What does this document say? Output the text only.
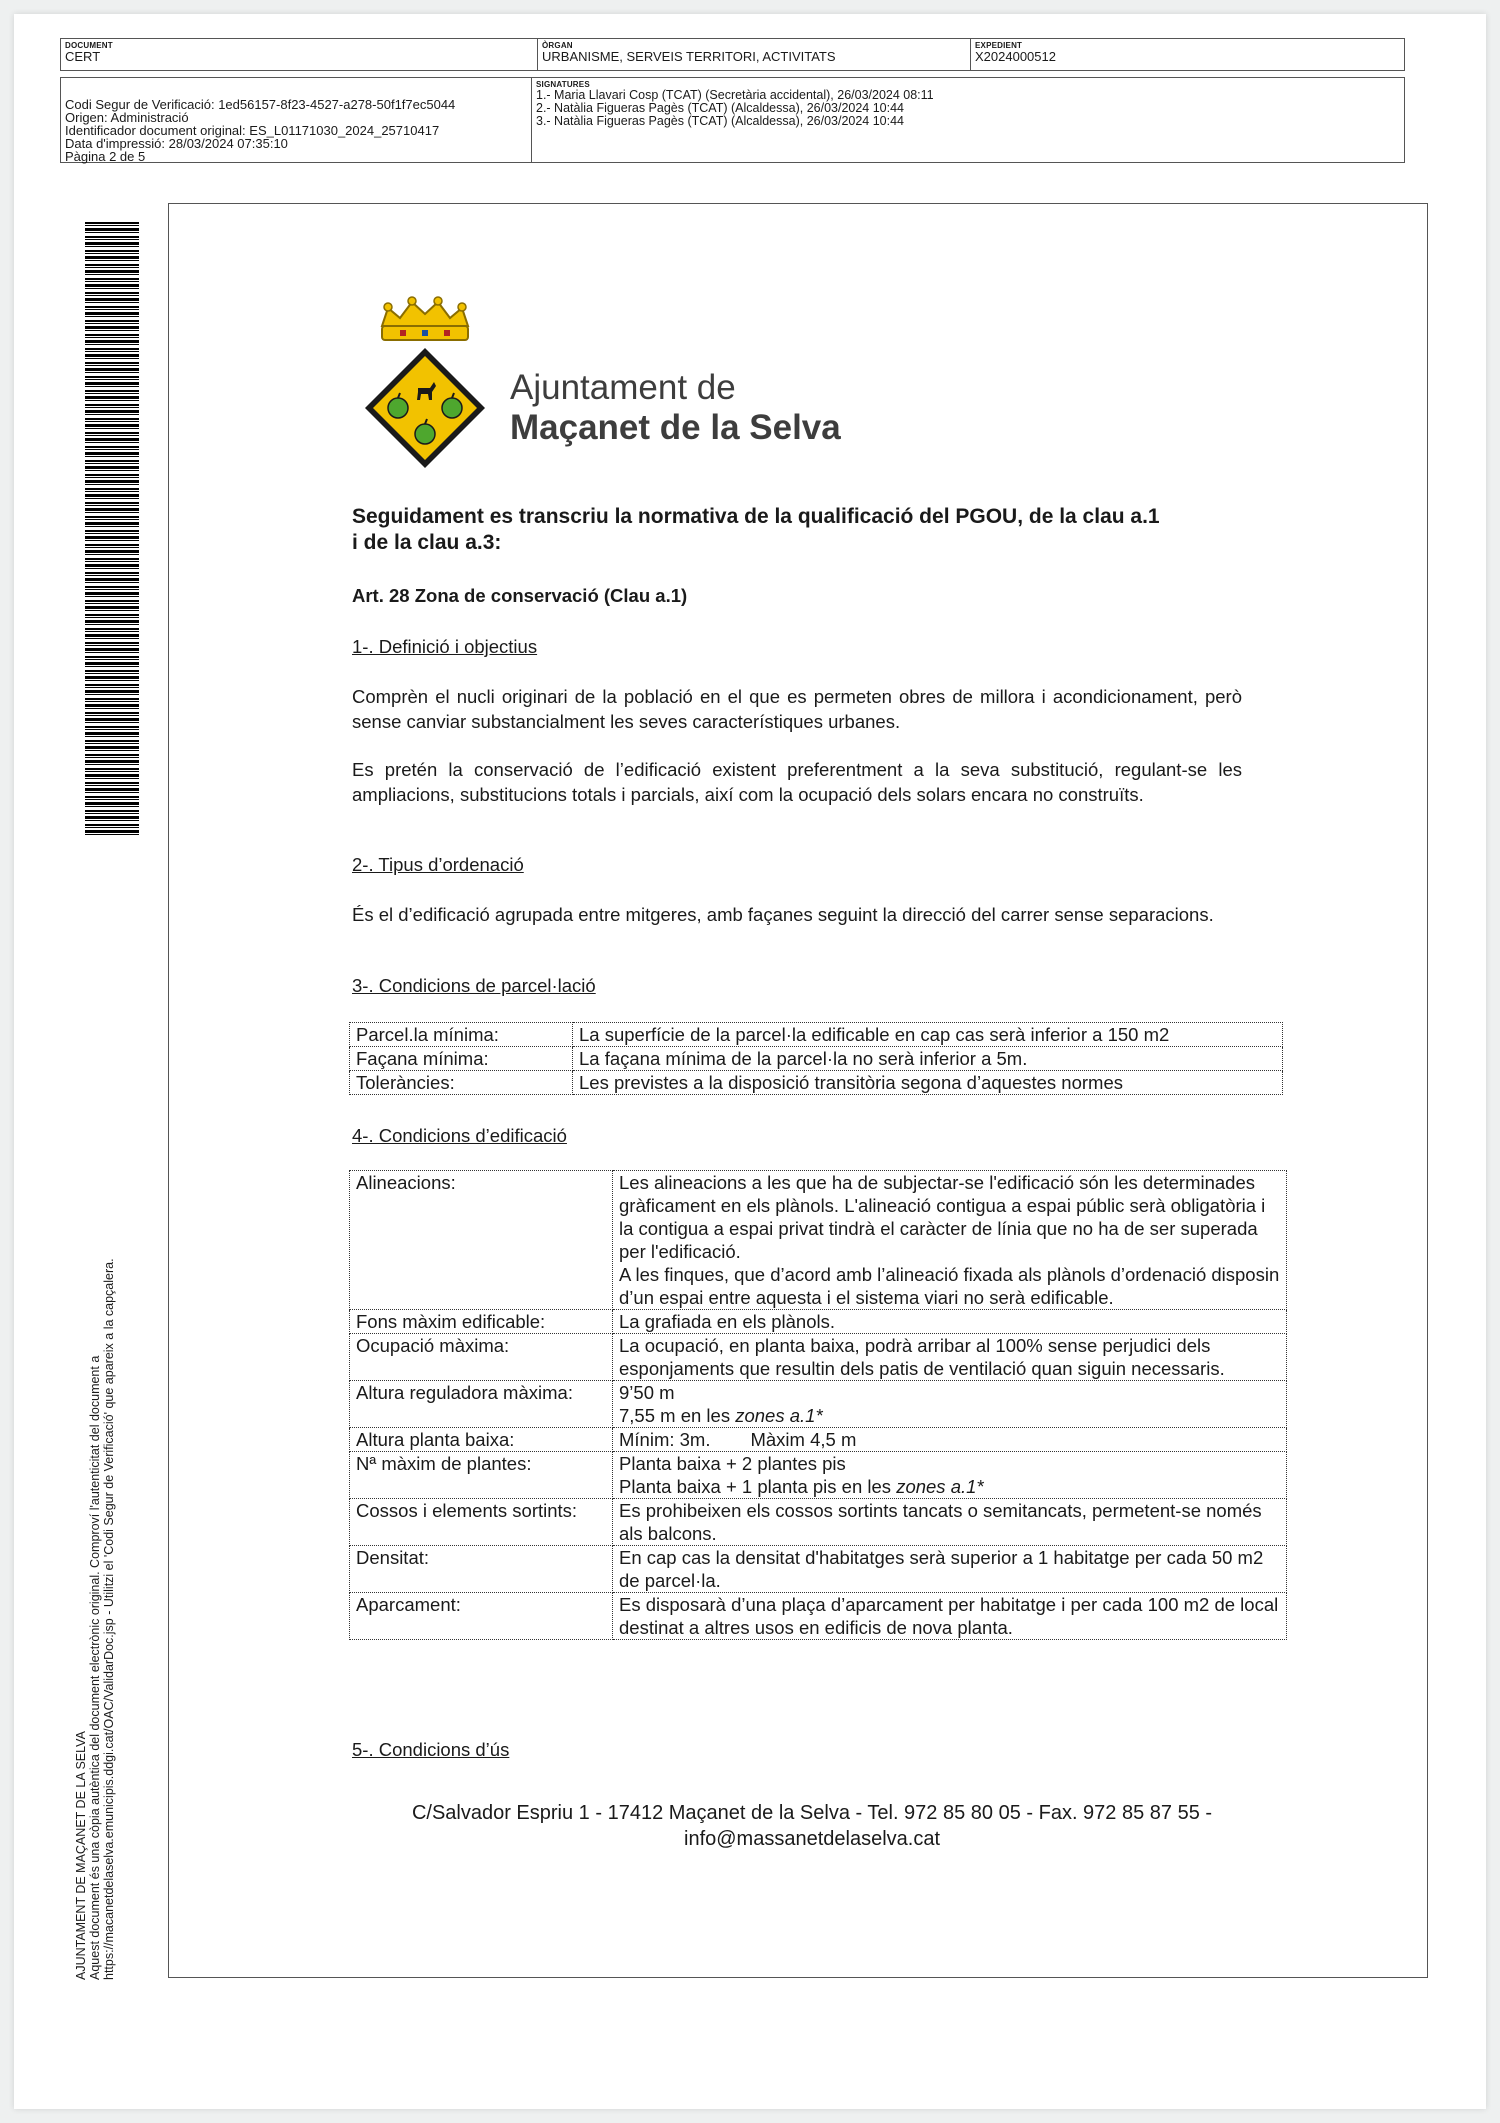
DOCUMENT
CERT
ÒRGAN
URBANISME, SERVEIS TERRITORI, ACTIVITATS
EXPEDIENT
X2024000512
Codi Segur de Verificació: 1ed56157-8f23-4527-a278-50f1f7ec5044
Origen: Administració
Identificador document original: ES_L01171030_2024_25710417
Data d'impressió: 28/03/2024 07:35:10
Pàgina 2 de 5
SIGNATURES
1.- Maria Llavari Cosp (TCAT) (Secretària accidental), 26/03/2024 08:11
2.- Natàlia Figueras Pagès (TCAT) (Alcaldessa), 26/03/2024 10:44
3.- Natàlia Figueras Pagès (TCAT) (Alcaldessa), 26/03/2024 10:44
AJUNTAMENT DE MAÇANET DE LA SELVA Aquest document és una còpia autèntica del document electrònic original. Comproví l'autenticitat del document a https://macanetdelaselva.emunicipis.ddgi.cat/OAC/ValidarDoc.jsp - Utilitzi el 'Codi Segur de Verificació' que apareix a la capçalera.
Ajuntament de
Maçanet de la Selva
Seguidament es transcriu la normativa de la qualificació del PGOU, de la clau a.1
i de la clau a.3:
Art. 28 Zona de conservació (Clau a.1)
1-. Definició i objectius
Comprèn el nucli originari de la població en el que es permeten obres de millora i acondicionament, però sense canviar substancialment les seves característiques urbanes.
Es pretén la conservació de l’edificació existent preferentment a la seva substitució, regulant-se les ampliacions, substitucions totals i parcials, així com la ocupació dels solars encara no construïts.
2-. Tipus d’ordenació
És el d’edificació agrupada entre mitgeres, amb façanes seguint la direcció del carrer sense separacions.
3-. Condicions de parcel·lació
Parcel.la mínima:	La superfície de la parcel·la edificable en cap cas serà inferior a 150 m2
Façana mínima:	La façana mínima de la parcel·la no serà inferior a 5m.
Toleràncies:	Les previstes a la disposició transitòria segona d’aquestes normes
4-. Condicions d’edificació
Alineacions:	Les alineacions a les que ha de subjectar-se l'edificació són les determinades gràficament en els plànols. L'alineació contigua a espai públic serà obligatòria i la contigua a espai privat tindrà el caràcter de línia que no ha de ser superada per l'edificació.
A les finques, que d’acord amb l’alineació fixada als plànols d’ordenació disposin d’un espai entre aquesta i el sistema viari no serà edificable.

Fons màxim edificable:	La grafiada en els plànols.
Ocupació màxima:	La ocupació, en planta baixa, podrà arribar al 100% sense perjudici dels esponjaments que resultin dels patis de ventilació quan siguin necessaris.
Altura reguladora màxima:	9’50 m
7,55 m en les zones a.1*

Altura planta baixa:	Mínim: 3m. Màxim 4,5 m
Nª màxim de plantes:	Planta baixa + 2 plantes pis
Planta baixa + 1 planta pis en les zones a.1*

Cossos i elements sortints:	Es prohibeixen els cossos sortints tancats o semitancats, permetent-se només als balcons.
Densitat:	En cap cas la densitat d'habitatges serà superior a 1 habitatge per cada 50 m2 de parcel·la.
Aparcament:	Es disposarà d’una plaça d’aparcament per habitatge i per cada 100 m2 de local destinat a altres usos en edificis de nova planta.
5-. Condicions d’ús
C/Salvador Espriu 1 - 17412 Maçanet de la Selva - Tel. 972 85 80 05 - Fax. 972 85 87 55 -
info@massanetdelaselva.cat
